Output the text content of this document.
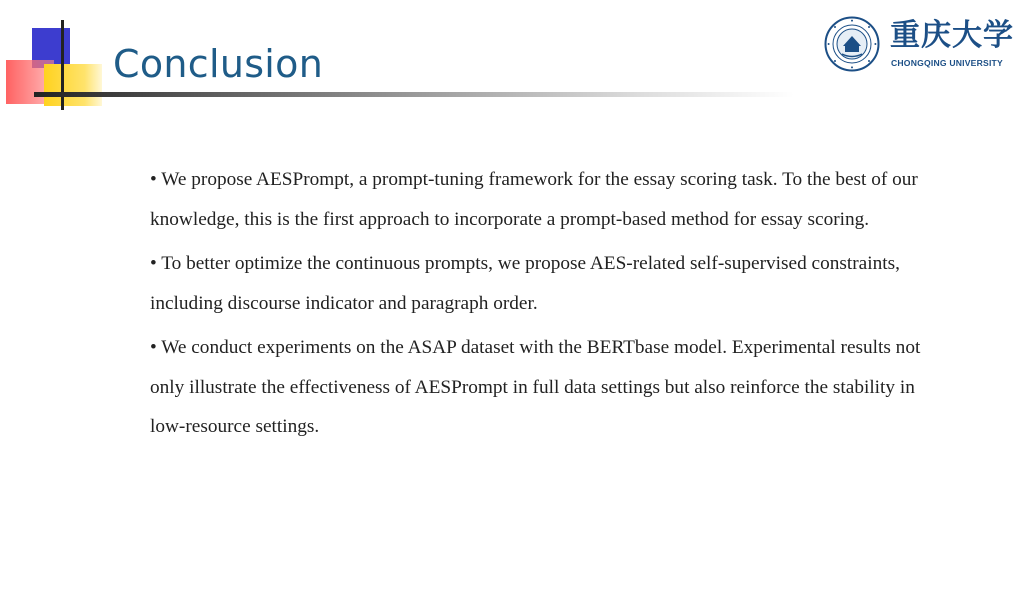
Conclusion
重庆大学
CHONGQING UNIVERSITY

• We propose AESPrompt, a prompt-tuning framework for the essay scoring task. To the best of our knowledge, this is the first approach to incorporate a prompt-based method for essay scoring.

• To better optimize the continuous prompts, we propose AES-related self-supervised constraints, including discourse indicator and paragraph order.

• We conduct experiments on the ASAP dataset with the BERTbase model. Experimental results not only illustrate the effectiveness of AESPrompt in full data settings but also reinforce the stability in low-resource settings.
